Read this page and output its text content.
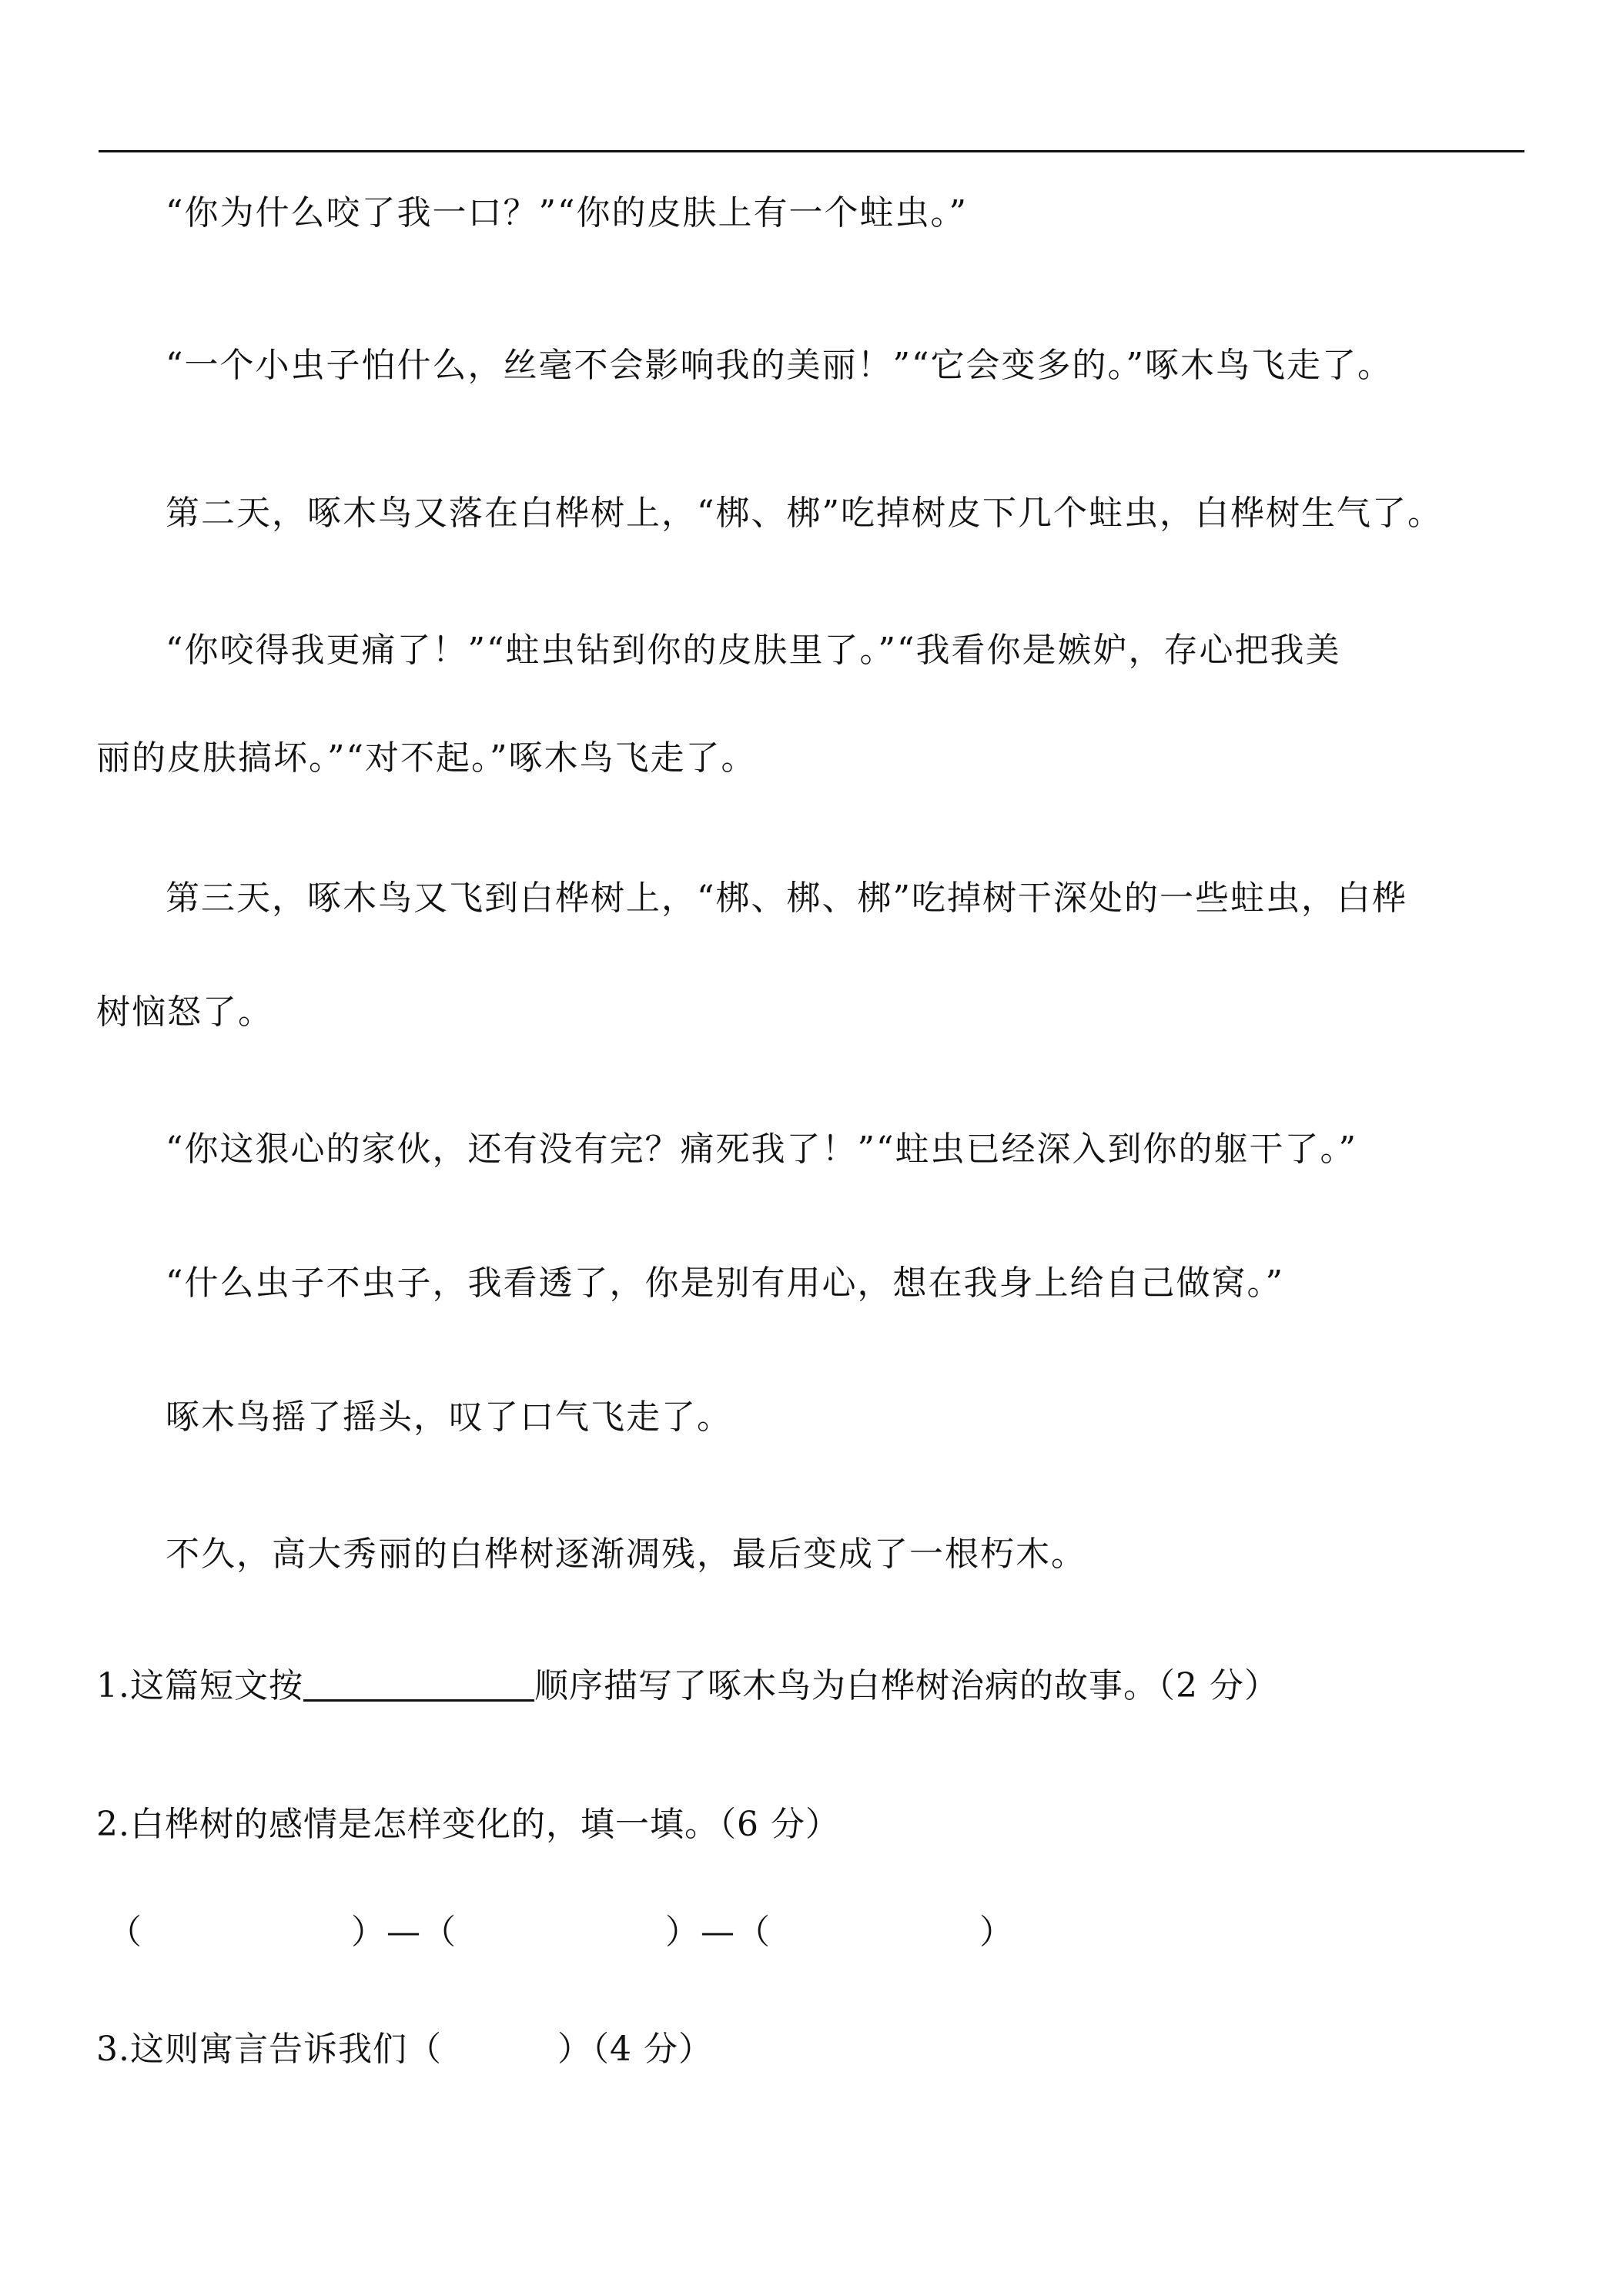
“你为什么咬了我一口？”“你的皮肤上有一个蛀虫。”
“一个小虫子怕什么，丝毫不会影响我的美丽！”“它会变多的。”啄木鸟飞走了。
第二天，啄木鸟又落在白桦树上，“梆、梆”吃掉树皮下几个蛀虫，白桦树生气了。
“你咬得我更痛了！”“蛀虫钻到你的皮肤里了。”“我看你是嫉妒，存心把我美
丽的皮肤搞坏。”“对不起。”啄木鸟飞走了。
第三天，啄木鸟又飞到白桦树上，“梆、梆、梆”吃掉树干深处的一些蛀虫，白桦
树恼怒了。
“你这狠心的家伙，还有没有完？痛死我了！”“蛀虫已经深入到你的躯干了。”
“什么虫子不虫子，我看透了，你是别有用心，想在我身上给自己做窝。”
啄木鸟摇了摇头，叹了口气飞走了。
不久，高大秀丽的白桦树逐渐凋残，最后变成了一根朽木。
1.这篇短文按	顺序描写了啄木鸟为白桦树治病的故事。（2 分）
2.白桦树的感情是怎样变化的，填一填。（6 分）
（	）—（	）—（	）
3.这则寓言告诉我们（	）（4 分）
